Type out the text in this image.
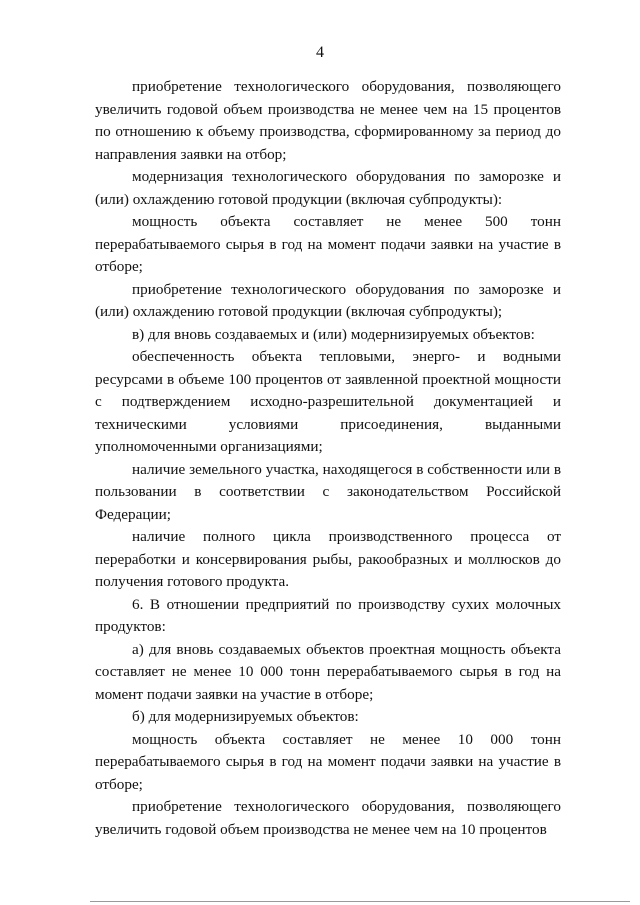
4

приобретение технологического оборудования, позволяющего увеличить годовой объем производства не менее чем на 15 процентов по отношению к объему производства, сформированному за период до направления заявки на отбор;

модернизация технологического оборудования по заморозке и (или) охлаждению готовой продукции (включая субпродукты):

мощность объекта составляет не менее 500 тонн перерабатываемого сырья в год на момент подачи заявки на участие в отборе;

приобретение технологического оборудования по заморозке и (или) охлаждению готовой продукции (включая субпродукты);

в) для вновь создаваемых и (или) модернизируемых объектов:

обеспеченность объекта тепловыми, энерго- и водными ресурсами в объеме 100 процентов от заявленной проектной мощности с подтверждением исходно-разрешительной документацией и техническими условиями присоединения, выданными уполномоченными организациями;

наличие земельного участка, находящегося в собственности или в пользовании в соответствии с законодательством Российской Федерации;

наличие полного цикла производственного процесса от переработки и консервирования рыбы, ракообразных и моллюсков до получения готового продукта.

6. В отношении предприятий по производству сухих молочных продуктов:

а) для вновь создаваемых объектов проектная мощность объекта составляет не менее 10 000 тонн перерабатываемого сырья в год на момент подачи заявки на участие в отборе;

б) для модернизируемых объектов:

мощность объекта составляет не менее 10 000 тонн перерабатываемого сырья в год на момент подачи заявки на участие в отборе;

приобретение технологического оборудования, позволяющего увеличить годовой объем производства не менее чем на 10 процентов
